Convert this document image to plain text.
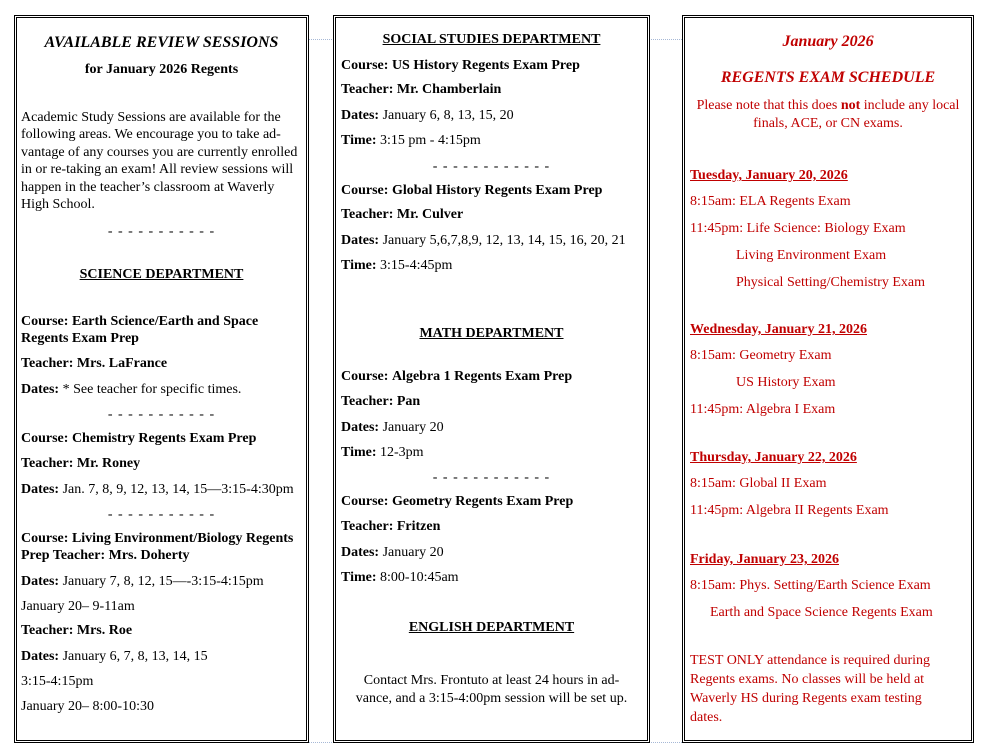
AVAILABLE REVIEW SESSIONS
for January 2026 Regents
Academic Study Sessions are available for the
following areas. We encourage you to take ad-
vantage of any courses you are currently enrolled
in or re-taking an exam! All review sessions will
happen in the teacher’s classroom at Waverly
High School.
- - - - - - - - - - -
SCIENCE DEPARTMENT
Course: Earth Science/Earth and Space
Regents Exam Prep
Teacher: Mrs. LaFrance
Dates: * See teacher for specific times.
- - - - - - - - - - -
Course: Chemistry Regents Exam Prep
Teacher: Mr. Roney
Dates: Jan. 7, 8, 9, 12, 13, 14, 15—3:15-4:30pm
- - - - - - - - - - -
Course: Living Environment/Biology Regents
Prep Teacher: Mrs. Doherty
Dates: January 7, 8, 12, 15—-3:15-4:15pm
January 20– 9-11am
Teacher: Mrs. Roe
Dates: January 6, 7, 8, 13, 14, 15
3:15-4:15pm
January 20– 8:00-10:30
SOCIAL STUDIES DEPARTMENT
Course: US History Regents Exam Prep
Teacher: Mr. Chamberlain
Dates: January 6, 8, 13, 15, 20
Time: 3:15 pm - 4:15pm
- - - - - - - - - - - -
Course: Global History Regents Exam Prep
Teacher: Mr. Culver
Dates: January 5,6,7,8,9, 12, 13, 14, 15, 16, 20, 21
Time: 3:15-4:45pm
MATH DEPARTMENT
Course: Algebra 1 Regents Exam Prep
Teacher: Pan
Dates: January 20
Time: 12-3pm
- - - - - - - - - - - -
Course: Geometry Regents Exam Prep
Teacher: Fritzen
Dates: January 20
Time: 8:00-10:45am
ENGLISH DEPARTMENT
Contact Mrs. Frontuto at least 24 hours in ad-
vance, and a 3:15-4:00pm session will be set up.
January 2026
REGENTS EXAM SCHEDULE
Please note that this does not include any local
finals, ACE, or CN exams.
Tuesday, January 20, 2026
8:15am: ELA Regents Exam
11:45pm: Life Science: Biology Exam
Living Environment Exam
Physical Setting/Chemistry Exam
Wednesday, January 21, 2026
8:15am: Geometry Exam
US History Exam
11:45pm: Algebra I Exam
Thursday, January 22, 2026
8:15am: Global II Exam
11:45pm: Algebra II Regents Exam
Friday, January 23, 2026
8:15am: Phys. Setting/Earth Science Exam
Earth and Space Science Regents Exam
TEST ONLY attendance is required during
Regents exams. No classes will be held at
Waverly HS during Regents exam testing
dates.
